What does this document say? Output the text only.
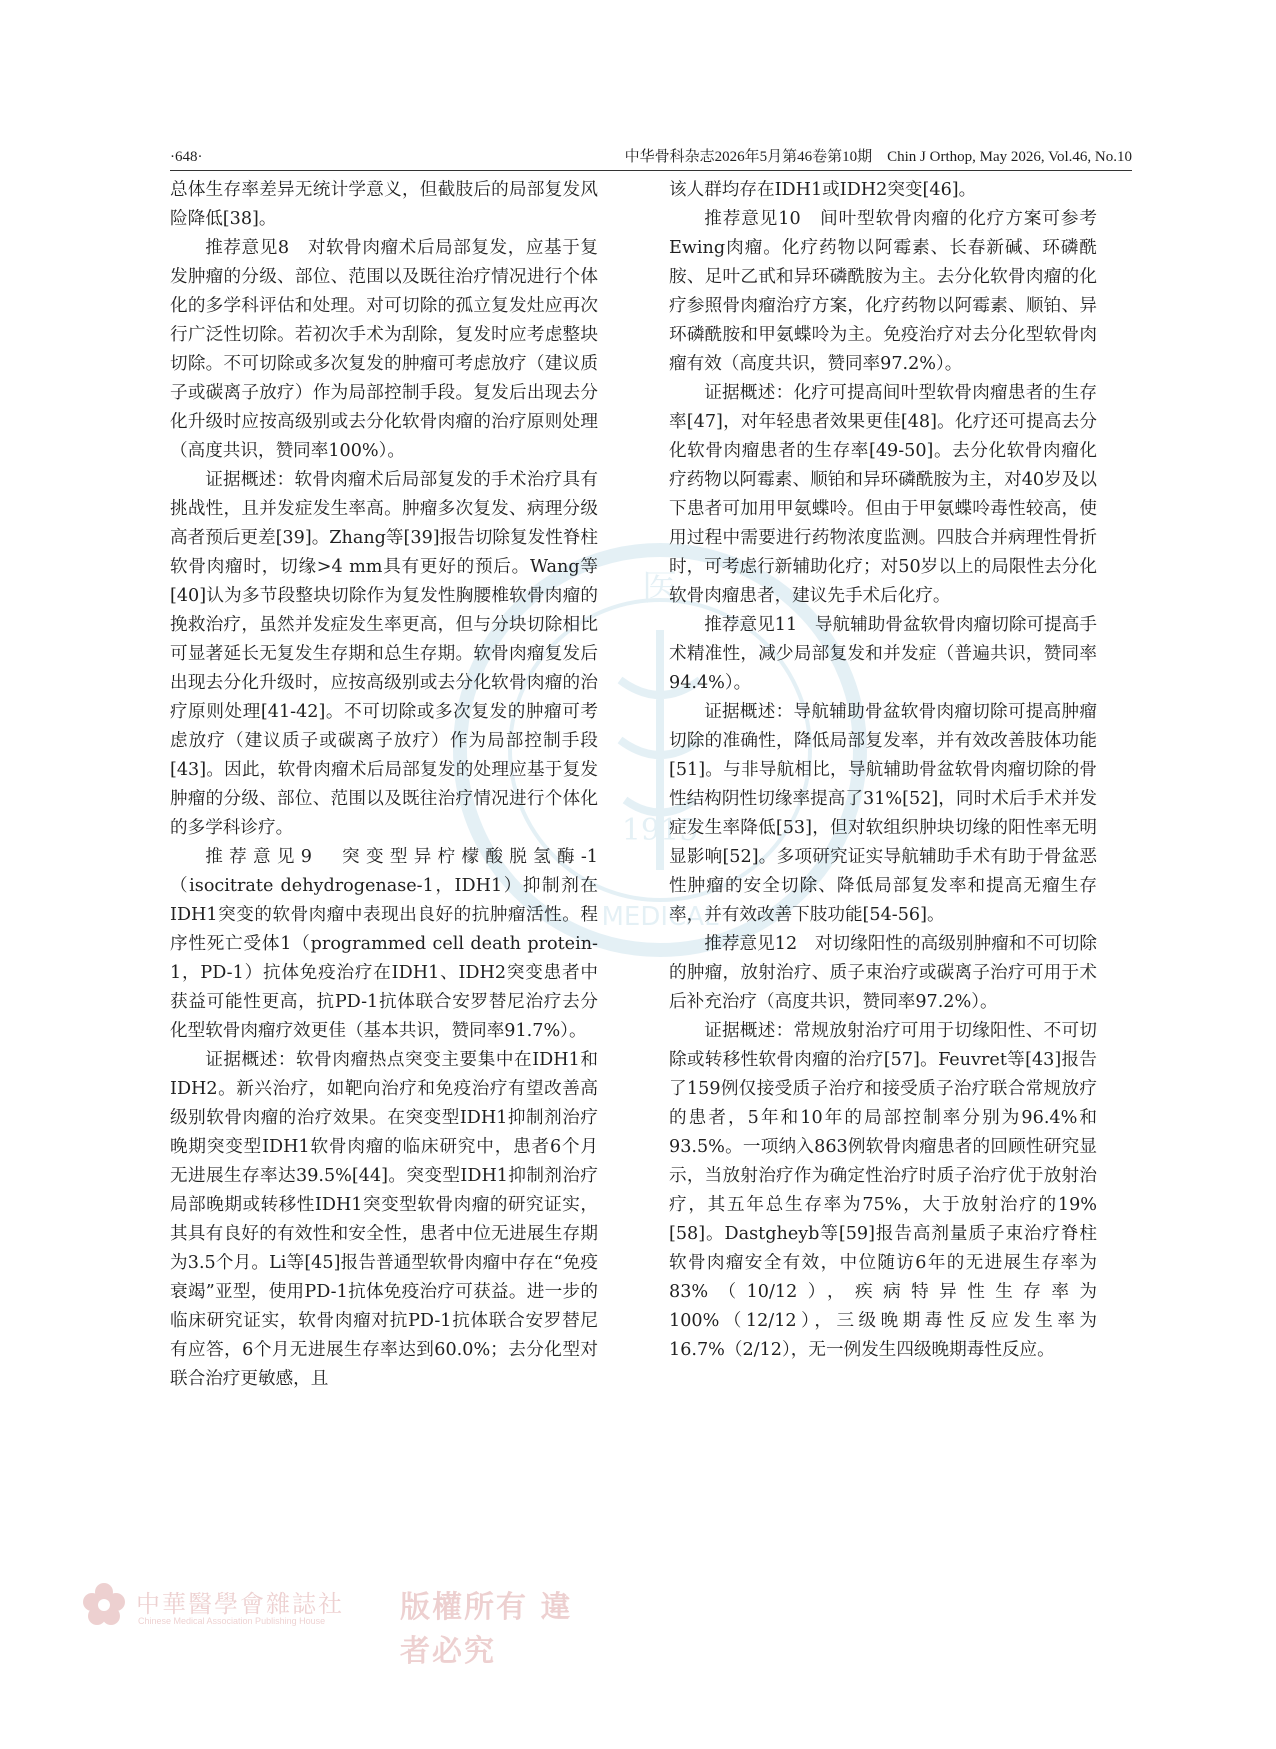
·648·	中华骨科杂志2026年5月第46卷第10期　Chin J Orthop, May 2026, Vol.46, No.10
医
1915
MEDICAL

总体生存率差异无统计学意义，但截肢后的局部复发风险降低[38]。

推荐意见8　对软骨肉瘤术后局部复发，应基于复发肿瘤的分级、部位、范围以及既往治疗情况进行个体化的多学科评估和处理。对可切除的孤立复发灶应再次行广泛性切除。若初次手术为刮除，复发时应考虑整块切除。不可切除或多次复发的肿瘤可考虑放疗（建议质子或碳离子放疗）作为局部控制手段。复发后出现去分化升级时应按高级别或去分化软骨肉瘤的治疗原则处理（高度共识，赞同率100%）。

证据概述：软骨肉瘤术后局部复发的手术治疗具有挑战性，且并发症发生率高。肿瘤多次复发、病理分级高者预后更差[39]。Zhang等[39]报告切除复发性脊柱软骨肉瘤时，切缘>4 mm具有更好的预后。Wang等[40]认为多节段整块切除作为复发性胸腰椎软骨肉瘤的挽救治疗，虽然并发症发生率更高，但与分块切除相比可显著延长无复发生存期和总生存期。软骨肉瘤复发后出现去分化升级时，应按高级别或去分化软骨肉瘤的治疗原则处理[41-42]。不可切除或多次复发的肿瘤可考虑放疗（建议质子或碳离子放疗）作为局部控制手段[43]。因此，软骨肉瘤术后局部复发的处理应基于复发肿瘤的分级、部位、范围以及既往治疗情况进行个体化的多学科诊疗。

推荐意见9　突变型异柠檬酸脱氢酶-1（isocitrate dehydrogenase-1，IDH1）抑制剂在IDH1突变的软骨肉瘤中表现出良好的抗肿瘤活性。程序性死亡受体1（programmed cell death protein-1，PD-1）抗体免疫治疗在IDH1、IDH2突变患者中获益可能性更高，抗PD-1抗体联合安罗替尼治疗去分化型软骨肉瘤疗效更佳（基本共识，赞同率91.7%）。

证据概述：软骨肉瘤热点突变主要集中在IDH1和IDH2。新兴治疗，如靶向治疗和免疫治疗有望改善高级别软骨肉瘤的治疗效果。在突变型IDH1抑制剂治疗晚期突变型IDH1软骨肉瘤的临床研究中，患者6个月无进展生存率达39.5%[44]。突变型IDH1抑制剂治疗局部晚期或转移性IDH1突变型软骨肉瘤的研究证实，其具有良好的有效性和安全性，患者中位无进展生存期为3.5个月。Li等[45]报告普通型软骨肉瘤中存在“免疫衰竭”亚型，使用PD-1抗体免疫治疗可获益。进一步的临床研究证实，软骨肉瘤对抗PD-1抗体联合安罗替尼有应答，6个月无进展生存率达到60.0%；去分化型对联合治疗更敏感，且

该人群均存在IDH1或IDH2突变[46]。

推荐意见10　间叶型软骨肉瘤的化疗方案可参考Ewing肉瘤。化疗药物以阿霉素、长春新碱、环磷酰胺、足叶乙甙和异环磷酰胺为主。去分化软骨肉瘤的化疗参照骨肉瘤治疗方案，化疗药物以阿霉素、顺铂、异环磷酰胺和甲氨蝶呤为主。免疫治疗对去分化型软骨肉瘤有效（高度共识，赞同率97.2%）。

证据概述：化疗可提高间叶型软骨肉瘤患者的生存率[47]，对年轻患者效果更佳[48]。化疗还可提高去分化软骨肉瘤患者的生存率[49-50]。去分化软骨肉瘤化疗药物以阿霉素、顺铂和异环磷酰胺为主，对40岁及以下患者可加用甲氨蝶呤。但由于甲氨蝶呤毒性较高，使用过程中需要进行药物浓度监测。四肢合并病理性骨折时，可考虑行新辅助化疗；对50岁以上的局限性去分化软骨肉瘤患者，建议先手术后化疗。

推荐意见11　导航辅助骨盆软骨肉瘤切除可提高手术精准性，减少局部复发和并发症（普遍共识，赞同率94.4%）。

证据概述：导航辅助骨盆软骨肉瘤切除可提高肿瘤切除的准确性，降低局部复发率，并有效改善肢体功能[51]。与非导航相比，导航辅助骨盆软骨肉瘤切除的骨性结构阴性切缘率提高了31%[52]，同时术后手术并发症发生率降低[53]，但对软组织肿块切缘的阳性率无明显影响[52]。多项研究证实导航辅助手术有助于骨盆恶性肿瘤的安全切除、降低局部复发率和提高无瘤生存率，并有效改善下肢功能[54-56]。

推荐意见12　对切缘阳性的高级别肿瘤和不可切除的肿瘤，放射治疗、质子束治疗或碳离子治疗可用于术后补充治疗（高度共识，赞同率97.2%）。

证据概述：常规放射治疗可用于切缘阳性、不可切除或转移性软骨肉瘤的治疗[57]。Feuvret等[43]报告了159例仅接受质子治疗和接受质子治疗联合常规放疗的患者，5年和10年的局部控制率分别为96.4%和93.5%。一项纳入863例软骨肉瘤患者的回顾性研究显示，当放射治疗作为确定性治疗时质子治疗优于放射治疗，其五年总生存率为75%，大于放射治疗的19%[58]。Dastgheyb等[59]报告高剂量质子束治疗脊柱软骨肉瘤安全有效，中位随访6年的无进展生存率为83%（10/12），疾病特异性生存率为100%（12/12），三级晚期毒性反应发生率为16.7%（2/12），无一例发生四级晚期毒性反应。

中華醫學會雜誌社
Chinese Medical Association Publishing House 版權所有 違者必究
